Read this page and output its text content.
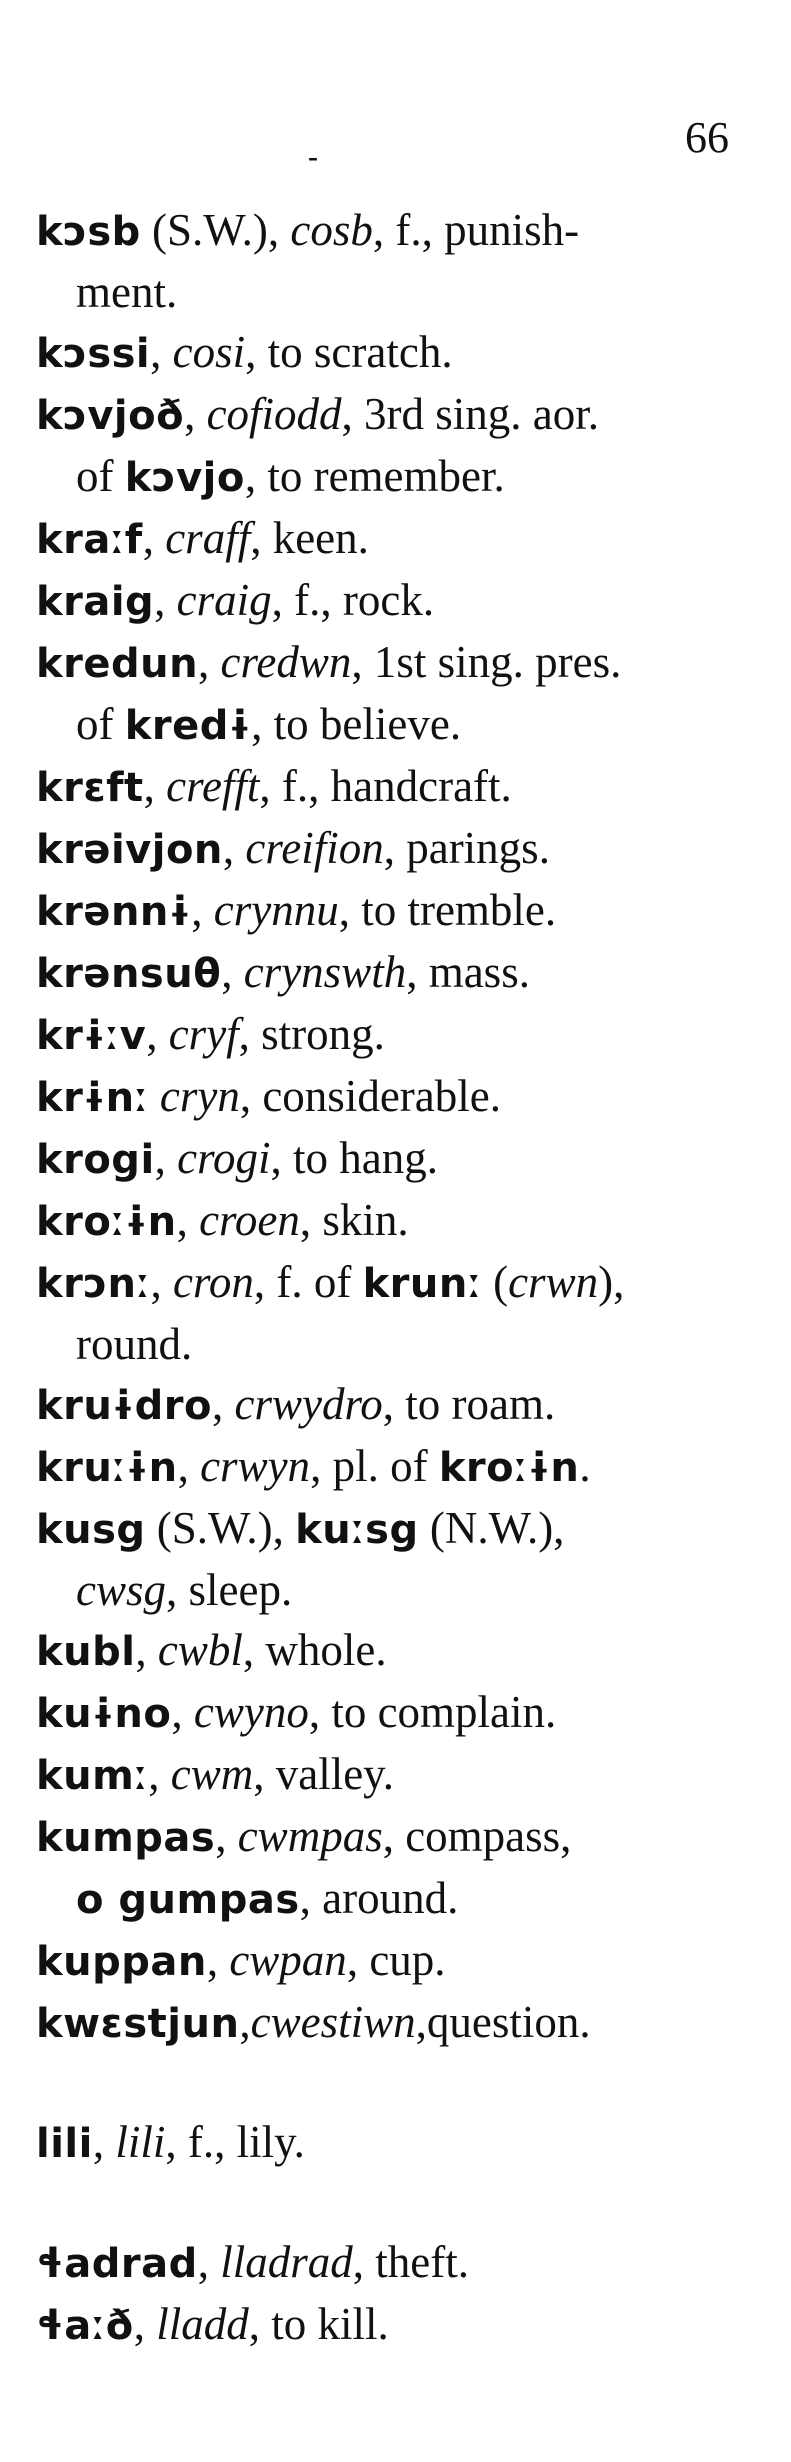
-	66
kɔsb (S.W.), cosb, f., punish-
ment.
kɔssi, cosi, to scratch.
kɔvjoð, cofiodd, 3rd sing. aor.
of kɔvjo, to remember.
kraːf, craff, keen.
kraig, craig, f., rock.
kredun, credwn, 1st sing. pres.
of kredɨ, to believe.
krɛft, crefft, f., handcraft.
krəivjon, creifion, parings.
krənnɨ, crynnu, to tremble.
krənsuθ, crynswth, mass.
krɨːv, cryf, strong.
krɨnː cryn, considerable.
krogi, crogi, to hang.
kroːɨn, croen, skin.
krɔnː, cron, f. of krunː (crwn),
round.
kruɨdro, crwydro, to roam.
kruːɨn, crwyn, pl. of kroːɨn.
kusg (S.W.), kuːsg (N.W.),
cwsg, sleep.
kubl, cwbl, whole.
kuɨno, cwyno, to complain.
kumː, cwm, valley.
kumpas, cwmpas, compass,
o gumpas, around.
kuppan, cwpan, cup.
kwɛstjun,cwestiwn,question.
lili, lili, f., lily.
ɬadrad, lladrad, theft.
ɬaːð, lladd, to kill.
